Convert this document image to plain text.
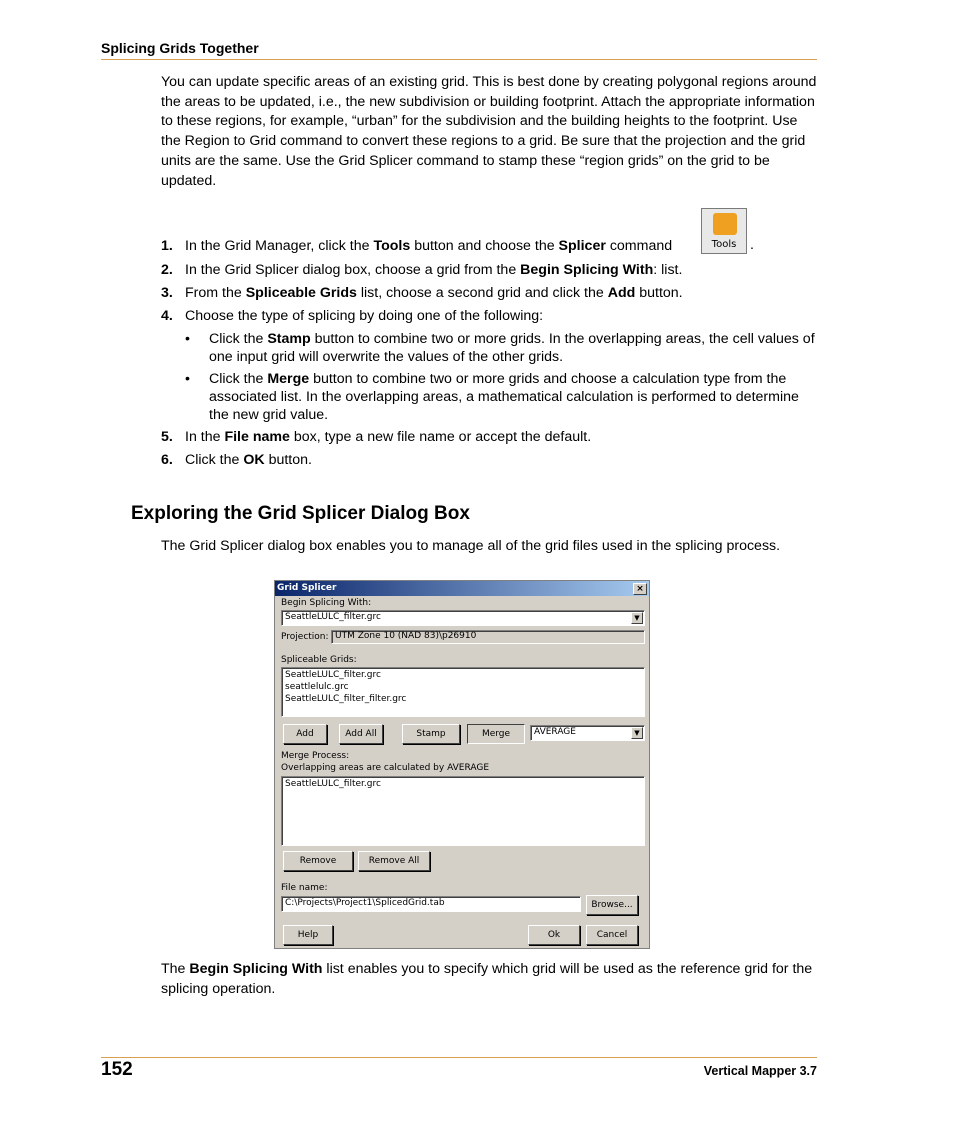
Splicing Grids Together
You can update specific areas of an existing grid. This is best done by creating polygonal regions around the areas to be updated, i.e., the new subdivision or building footprint. Attach the appropriate information to these regions, for example, “urban” for the subdivision and the building heights to the footprint. Use the Region to Grid command to convert these regions to a grid. Be sure that the projection and the grid units are the same. Use the Grid Splicer command to stamp these “region grids” on the grid to be updated.
1. In the Grid Manager, click the Tools button and choose the Splicer command	Tools .
2. In the Grid Splicer dialog box, choose a grid from the Begin Splicing With: list.
3. From the Spliceable Grids list, choose a second grid and click the Add button.
4. Choose the type of splicing by doing one of the following:
• Click the Stamp button to combine two or more grids. In the overlapping areas, the cell values of one input grid will overwrite the values of the other grids.
• Click the Merge button to combine two or more grids and choose a calculation type from the associated list. In the overlapping areas, a mathematical calculation is performed to determine the new grid value.
5. In the File name box, type a new file name or accept the default.
6. Click the OK button.
Exploring the Grid Splicer Dialog Box
The Grid Splicer dialog box enables you to manage all of the grid files used in the splicing process.
Grid Splicer	×
Begin Splicing With:
SeattleLULC_filter.grc	▼
Projection: UTM Zone 10 (NAD 83)\p26910
Spliceable Grids:
SeattleLULC_filter.grc
seattlelulc.grc
SeattleLULC_filter_filter.grc
Add	Add All	Stamp	Merge	AVERAGE	▼
Merge Process:
Overlapping areas are calculated by AVERAGE
SeattleLULC_filter.grc
Remove	Remove All
File name:
C:\Projects\Project1\SplicedGrid.tab	Browse...
Help	Ok	Cancel
The Begin Splicing With list enables you to specify which grid will be used as the reference grid for the splicing operation.
152	Vertical Mapper 3.7
